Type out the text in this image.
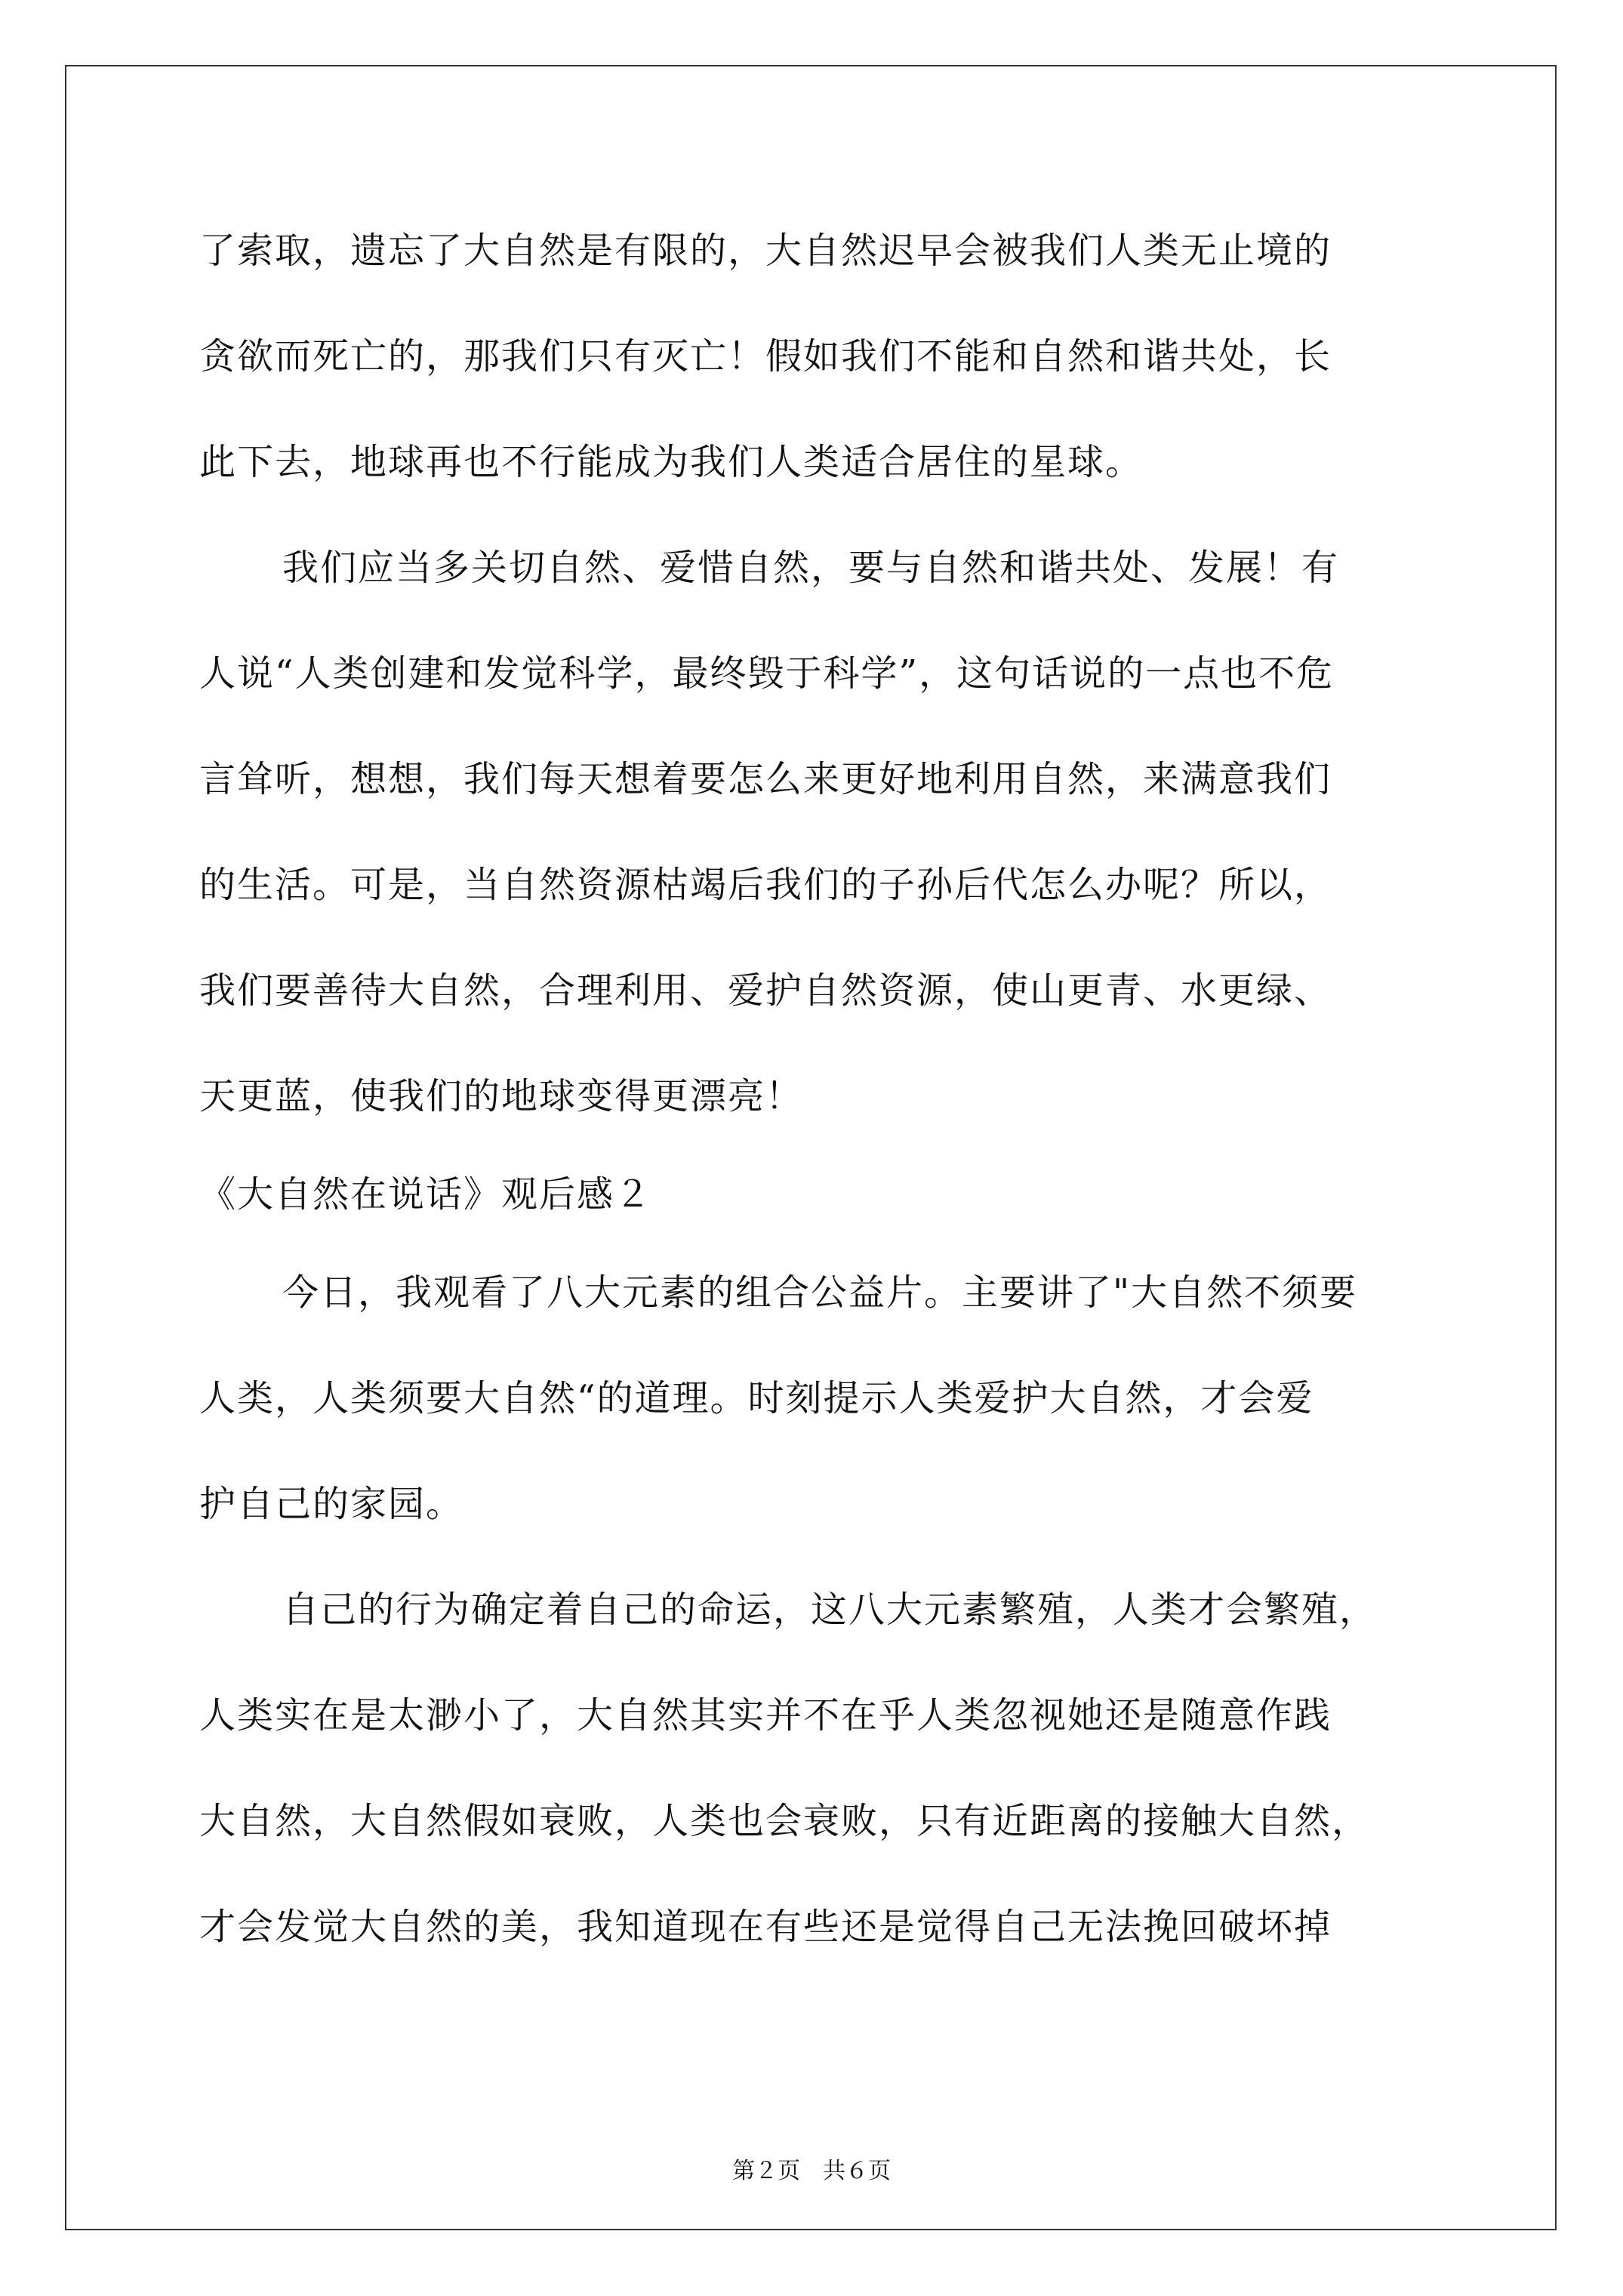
了索取，遗忘了大自然是有限的，大自然迟早会被我们人类无止境的
贪欲而死亡的，那我们只有灭亡！假如我们不能和自然和谐共处，长
此下去，地球再也不行能成为我们人类适合居住的星球。
我们应当多关切自然、爱惜自然，要与自然和谐共处、发展！有
人说“人类创建和发觉科学，最终毁于科学”，这句话说的一点也不危
言耸听，想想，我们每天想着要怎么来更好地利用自然，来满意我们
的生活。可是，当自然资源枯竭后我们的子孙后代怎么办呢？所以，
我们要善待大自然，合理利用、爱护自然资源，使山更青、水更绿、
天更蓝，使我们的地球变得更漂亮！
《大自然在说话》观后感２
今日，我观看了八大元素的组合公益片。主要讲了"大自然不须要
人类，人类须要大自然“的道理。时刻提示人类爱护大自然，才会爱
护自己的家园。
自己的行为确定着自己的命运，这八大元素繁殖，人类才会繁殖，
人类实在是太渺小了，大自然其实并不在乎人类忽视她还是随意作践
大自然，大自然假如衰败，人类也会衰败，只有近距离的接触大自然，
才会发觉大自然的美，我知道现在有些还是觉得自己无法挽回破坏掉
第２页　共６页
